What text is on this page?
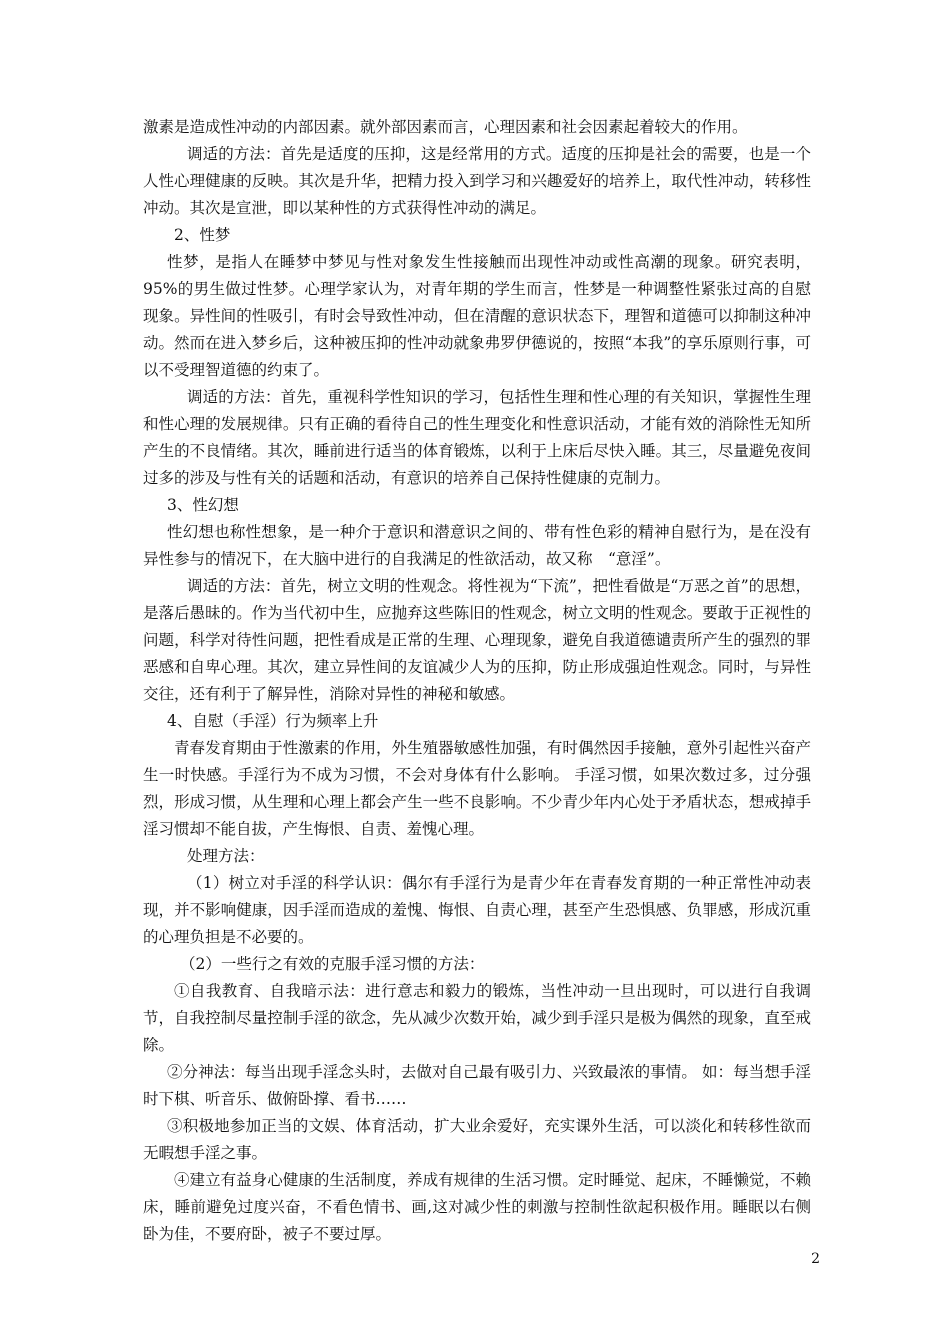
激素是造成性冲动的内部因素。就外部因素而言，心理因素和社会因素起着较大的作用。

调适的方法：首先是适度的压抑，这是经常用的方式。适度的压抑是社会的需要，也是一个人性心理健康的反映。其次是升华，把精力投入到学习和兴趣爱好的培养上，取代性冲动，转移性冲动。其次是宣泄，即以某种性的方式获得性冲动的满足。

2、性梦

性梦，是指人在睡梦中梦见与性对象发生性接触而出现性冲动或性高潮的现象。研究表明，95%的男生做过性梦。心理学家认为，对青年期的学生而言，性梦是一种调整性紧张过高的自慰现象。异性间的性吸引，有时会导致性冲动，但在清醒的意识状态下，理智和道德可以抑制这种冲动。然而在进入梦乡后，这种被压抑的性冲动就象弗罗伊德说的，按照“本我”的享乐原则行事，可以不受理智道德的约束了。

调适的方法：首先，重视科学性知识的学习，包括性生理和性心理的有关知识，掌握性生理和性心理的发展规律。只有正确的看待自己的性生理变化和性意识活动，才能有效的消除性无知所产生的不良情绪。其次，睡前进行适当的体育锻炼，以利于上床后尽快入睡。其三，尽量避免夜间过多的涉及与性有关的话题和活动，有意识的培养自己保持性健康的克制力。

3、性幻想

性幻想也称性想象，是一种介于意识和潜意识之间的、带有性色彩的精神自慰行为，是在没有异性参与的情况下，在大脑中进行的自我满足的性欲活动，故又称　“意淫”。

调适的方法：首先，树立文明的性观念。将性视为“下流”，把性看做是“万恶之首”的思想，是落后愚昧的。作为当代初中生，应抛弃这些陈旧的性观念，树立文明的性观念。要敢于正视性的问题，科学对待性问题，把性看成是正常的生理、心理现象，避免自我道德谴责所产生的强烈的罪恶感和自卑心理。其次，建立异性间的友谊减少人为的压抑，防止形成强迫性观念。同时，与异性交往，还有利于了解异性，消除对异性的神秘和敏感。

4、自慰（手淫）行为频率上升

青春发育期由于性激素的作用，外生殖器敏感性加强，有时偶然因手接触，意外引起性兴奋产生一时快感。手淫行为不成为习惯，不会对身体有什么影响。 手淫习惯，如果次数过多，过分强烈，形成习惯，从生理和心理上都会产生一些不良影响。不少青少年内心处于矛盾状态，想戒掉手淫习惯却不能自拔，产生悔恨、自责、羞愧心理。

处理方法：

（1）树立对手淫的科学认识：偶尔有手淫行为是青少年在青春发育期的一种正常性冲动表现，并不影响健康，因手淫而造成的羞愧、悔恨、自责心理，甚至产生恐惧感、负罪感，形成沉重的心理负担是不必要的。

（2）一些行之有效的克服手淫习惯的方法：

①自我教育、自我暗示法：进行意志和毅力的锻炼，当性冲动一旦出现时，可以进行自我调节，自我控制尽量控制手淫的欲念，先从减少次数开始，减少到手淫只是极为偶然的现象，直至戒除。

②分神法：每当出现手淫念头时，去做对自己最有吸引力、兴致最浓的事情。 如：每当想手淫时下棋、听音乐、做俯卧撑、看书……

③积极地参加正当的文娱、体育活动，扩大业余爱好，充实课外生活，可以淡化和转移性欲而无暇想手淫之事。

④建立有益身心健康的生活制度，养成有规律的生活习惯。定时睡觉、起床，不睡懒觉，不赖床，睡前避免过度兴奋，不看色情书、画,这对减少性的刺激与控制性欲起积极作用。睡眠以右侧卧为佳，不要府卧，被子不要过厚。

2
